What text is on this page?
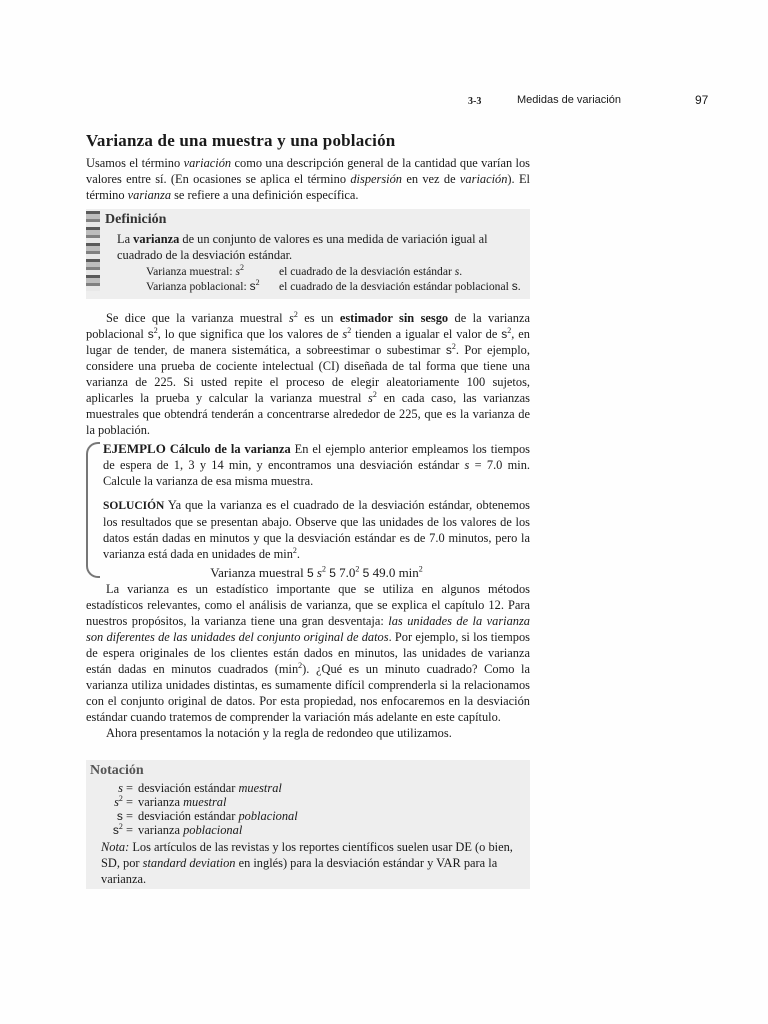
3-3	Medidas de variación	97
Varianza de una muestra y una población

Usamos el término variación como una descripción general de la cantidad que varían los valores entre sí. (En ocasiones se aplica el término dispersión en vez de variación). El término varianza se refiere a una definición específica.

Definición
La varianza de un conjunto de valores es una medida de variación igual al cuadrado de la desviación estándar.
Varianza muestral: $s^2$	el cuadrado de la desviación estándar s.
Varianza poblacional: $s^2$ el cuadrado de la desviación estándar poblacional s.

Se dice que la varianza muestral $s^2$ es un estimador sin sesgo de la varianza poblacional $s^2$, lo que significa que los valores de $s^2$ tienden a igualar el valor de $s^2$, en lugar de tender, de manera sistemática, a sobreestimar o subestimar $s^2$. Por ejemplo, considere una prueba de cociente intelectual (CI) diseñada de tal forma que tiene una varianza de 225. Si usted repite el proceso de elegir aleatoriamente 100 sujetos, aplicarles la prueba y calcular la varianza muestral $s^2$ en cada caso, las varianzas muestrales que obtendrá tenderán a concentrarse alrededor de 225, que es la varianza de la población.

EJEMPLO Cálculo de la varianza En el ejemplo anterior empleamos los tiempos de espera de 1, 3 y 14 min, y encontramos una desviación estándar s = 7.0 min. Calcule la varianza de esa misma muestra.

SOLUCIÓN Ya que la varianza es el cuadrado de la desviación estándar, obtenemos los resultados que se presentan abajo. Observe que las unidades de los valores de los datos están dadas en minutos y que la desviación estándar es de 7.0 minutos, pero la varianza está dada en unidades de $\min^2$.

Varianza muestral 5 $s^2$ 5 $7.0^2$ 5 49.0 $\min^2$

La varianza es un estadístico importante que se utiliza en algunos métodos estadísticos relevantes, como el análisis de varianza, que se explica el capítulo 12. Para nuestros propósitos, la varianza tiene una gran desventaja: las unidades de la varianza son diferentes de las unidades del conjunto original de datos. Por ejemplo, si los tiempos de espera originales de los clientes están dados en minutos, las unidades de varianza están dadas en minutos cuadrados $(\min^2)$. ¿Qué es un minuto cuadrado? Como la varianza utiliza unidades distintas, es sumamente difícil comprenderla si la relacionamos con el conjunto original de datos. Por esta propiedad, nos enfocaremos en la desviación estándar cuando tratemos de comprender la variación más adelante en este capítulo.

Ahora presentamos la notación y la regla de redondeo que utilizamos.

Notación
s = desviación estándar muestral
$s^2$ = varianza muestral
s = desviación estándar poblacional
$s^2$ = varianza poblacional
Nota: Los artículos de las revistas y los reportes científicos suelen usar DE (o bien, SD, por standard deviation en inglés) para la desviación estándar y VAR para la varianza.
